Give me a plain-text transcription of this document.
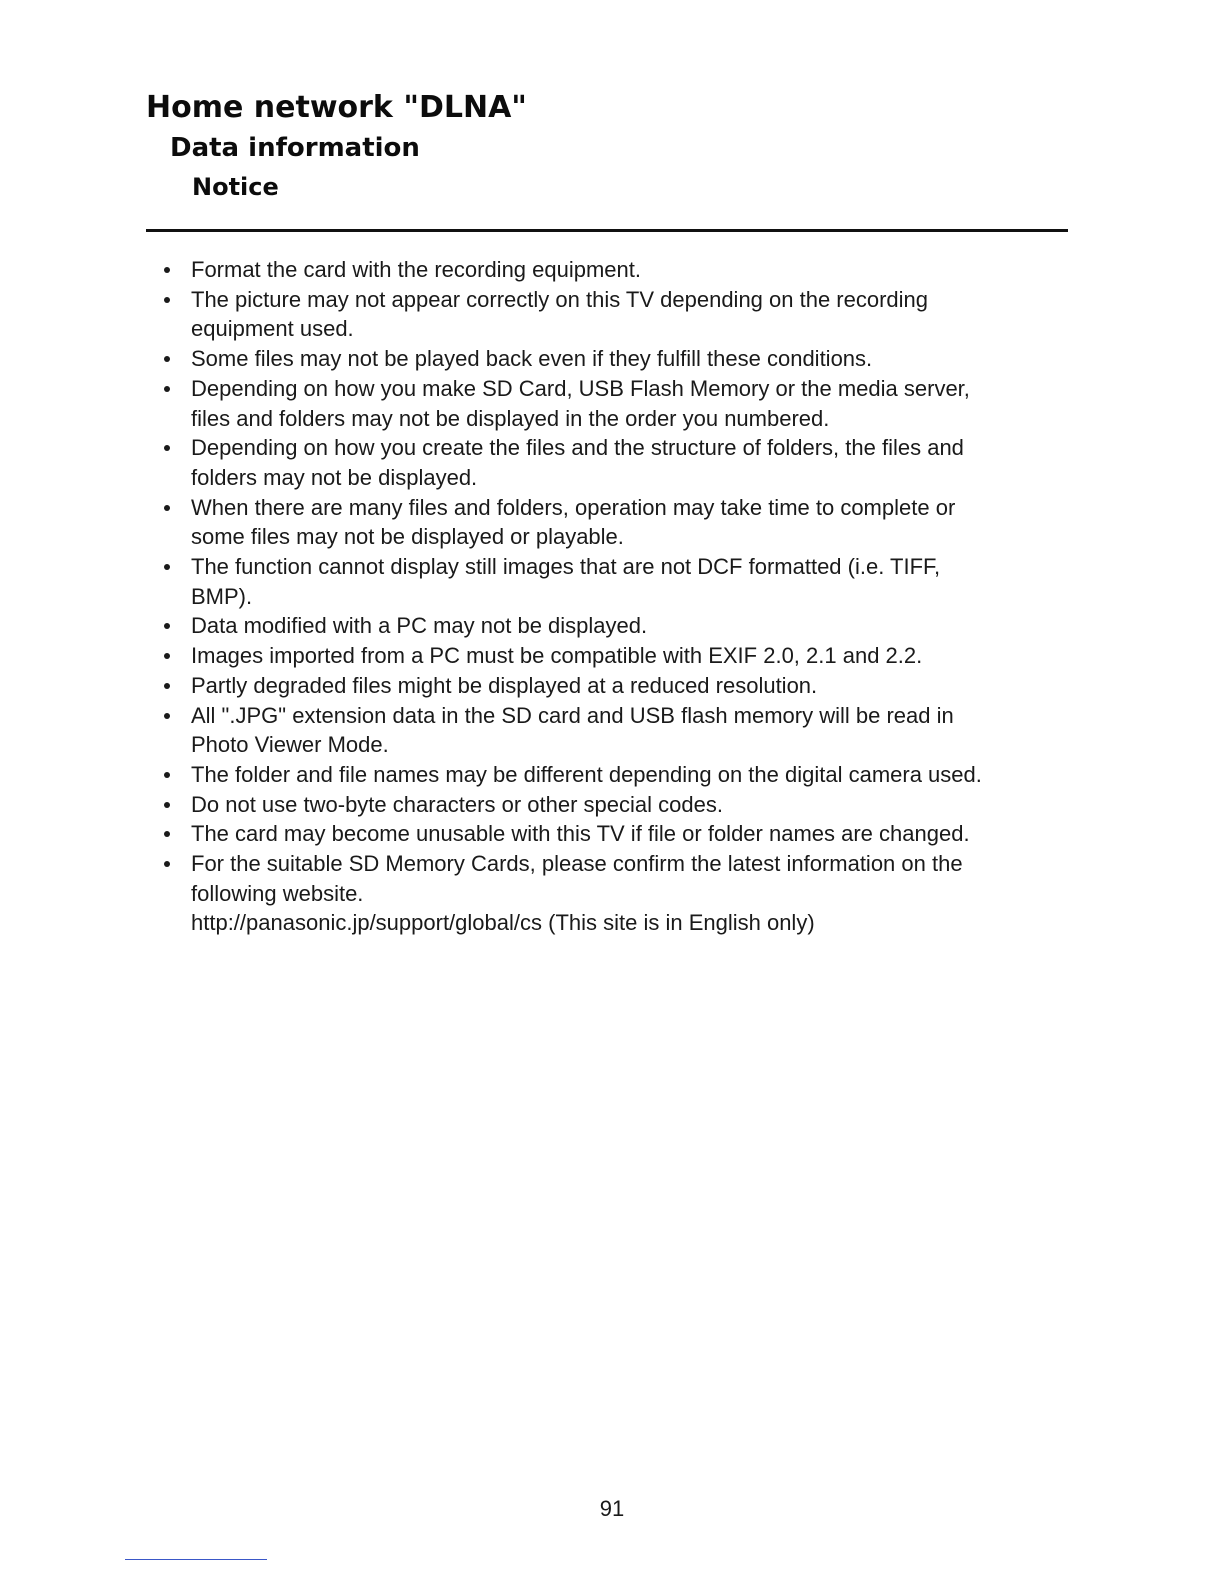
Home network "DLNA"
Data information
Notice
Format the card with the recording equipment.
The picture may not appear correctly on this TV depending on the recording
equipment used.
Some files may not be played back even if they fulfill these conditions.
Depending on how you make SD Card, USB Flash Memory or the media server,
files and folders may not be displayed in the order you numbered.
Depending on how you create the files and the structure of folders, the files and
folders may not be displayed.
When there are many files and folders, operation may take time to complete or
some files may not be displayed or playable.
The function cannot display still images that are not DCF formatted (i.e. TIFF,
BMP).
Data modified with a PC may not be displayed.
Images imported from a PC must be compatible with EXIF 2.0, 2.1 and 2.2.
Partly degraded files might be displayed at a reduced resolution.
All ".JPG" extension data in the SD card and USB flash memory will be read in
Photo Viewer Mode.
The folder and file names may be different depending on the digital camera used.
Do not use two-byte characters or other special codes.
The card may become unusable with this TV if file or folder names are changed.
For the suitable SD Memory Cards, please confirm the latest information on the
following website.
http://panasonic.jp/support/global/cs (This site is in English only)
91
